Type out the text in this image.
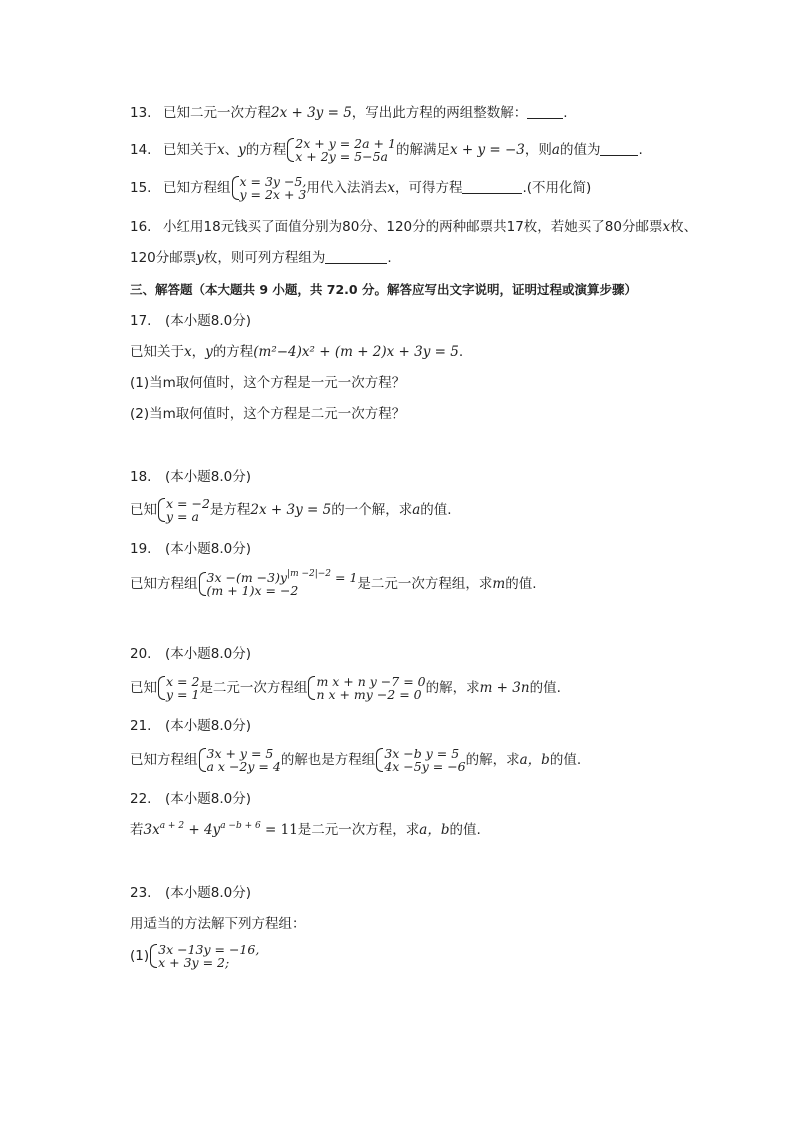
13. 已知二元一次方程2x + 3y = 5，写出此方程的两组整数解：	.
14. 已知关于x、y的方程 2x + y = 2a + 1
x + 2y = 5−5a 的解满足x + y = −3，则a的值为	.
15. 已知方程组 x = 3y −5,
y = 2x + 3 用代入法消去x，可得方程	.(不用化简)
16. 小红用18元钱买了面值分别为80分、120分的两种邮票共17枚，若她买了80分邮票x枚、
120分邮票y枚，则可列方程组为	.
三、解答题（本大题共 9 小题，共 72.0 分。解答应写出文字说明，证明过程或演算步骤）
17.　(本小题8.0分)
已知关于x，y的方程(m²−4)x² + (m + 2)x + 3y = 5.
(1)当m取何值时，这个方程是一元一次方程？
(2)当m取何值时，这个方程是二元一次方程？
18.　(本小题8.0分)
已知 x = −2
y = a 是方程2x + 3y = 5的一个解，求a的值.
19.　(本小题8.0分)
已知方程组 $3x -(m -3)y^{|m -2|-2} = 1$
(m + 1)x = −2	是二元一次方程组，求m的值.
20.　(本小题8.0分)
已知 x = 2
y = 1 是二元一次方程组 m x + n y −7 = 0
n x + my −2 = 0 的解，求m + 3n的值.
21.　(本小题8.0分)
已知方程组 3x + y = 5
a x −2y = 4 的解也是方程组 3x −b y = 5
4x −5y = −6 的解，求a，b的值.
22.　(本小题8.0分)
若$3x^{a + 2} + 4y^{a -b + 6} = 11$是二元一次方程，求a，b的值.
23.　(本小题8.0分)
用适当的方法解下列方程组：
(1) 3x −13y = −16,
x + 3y = 2;
